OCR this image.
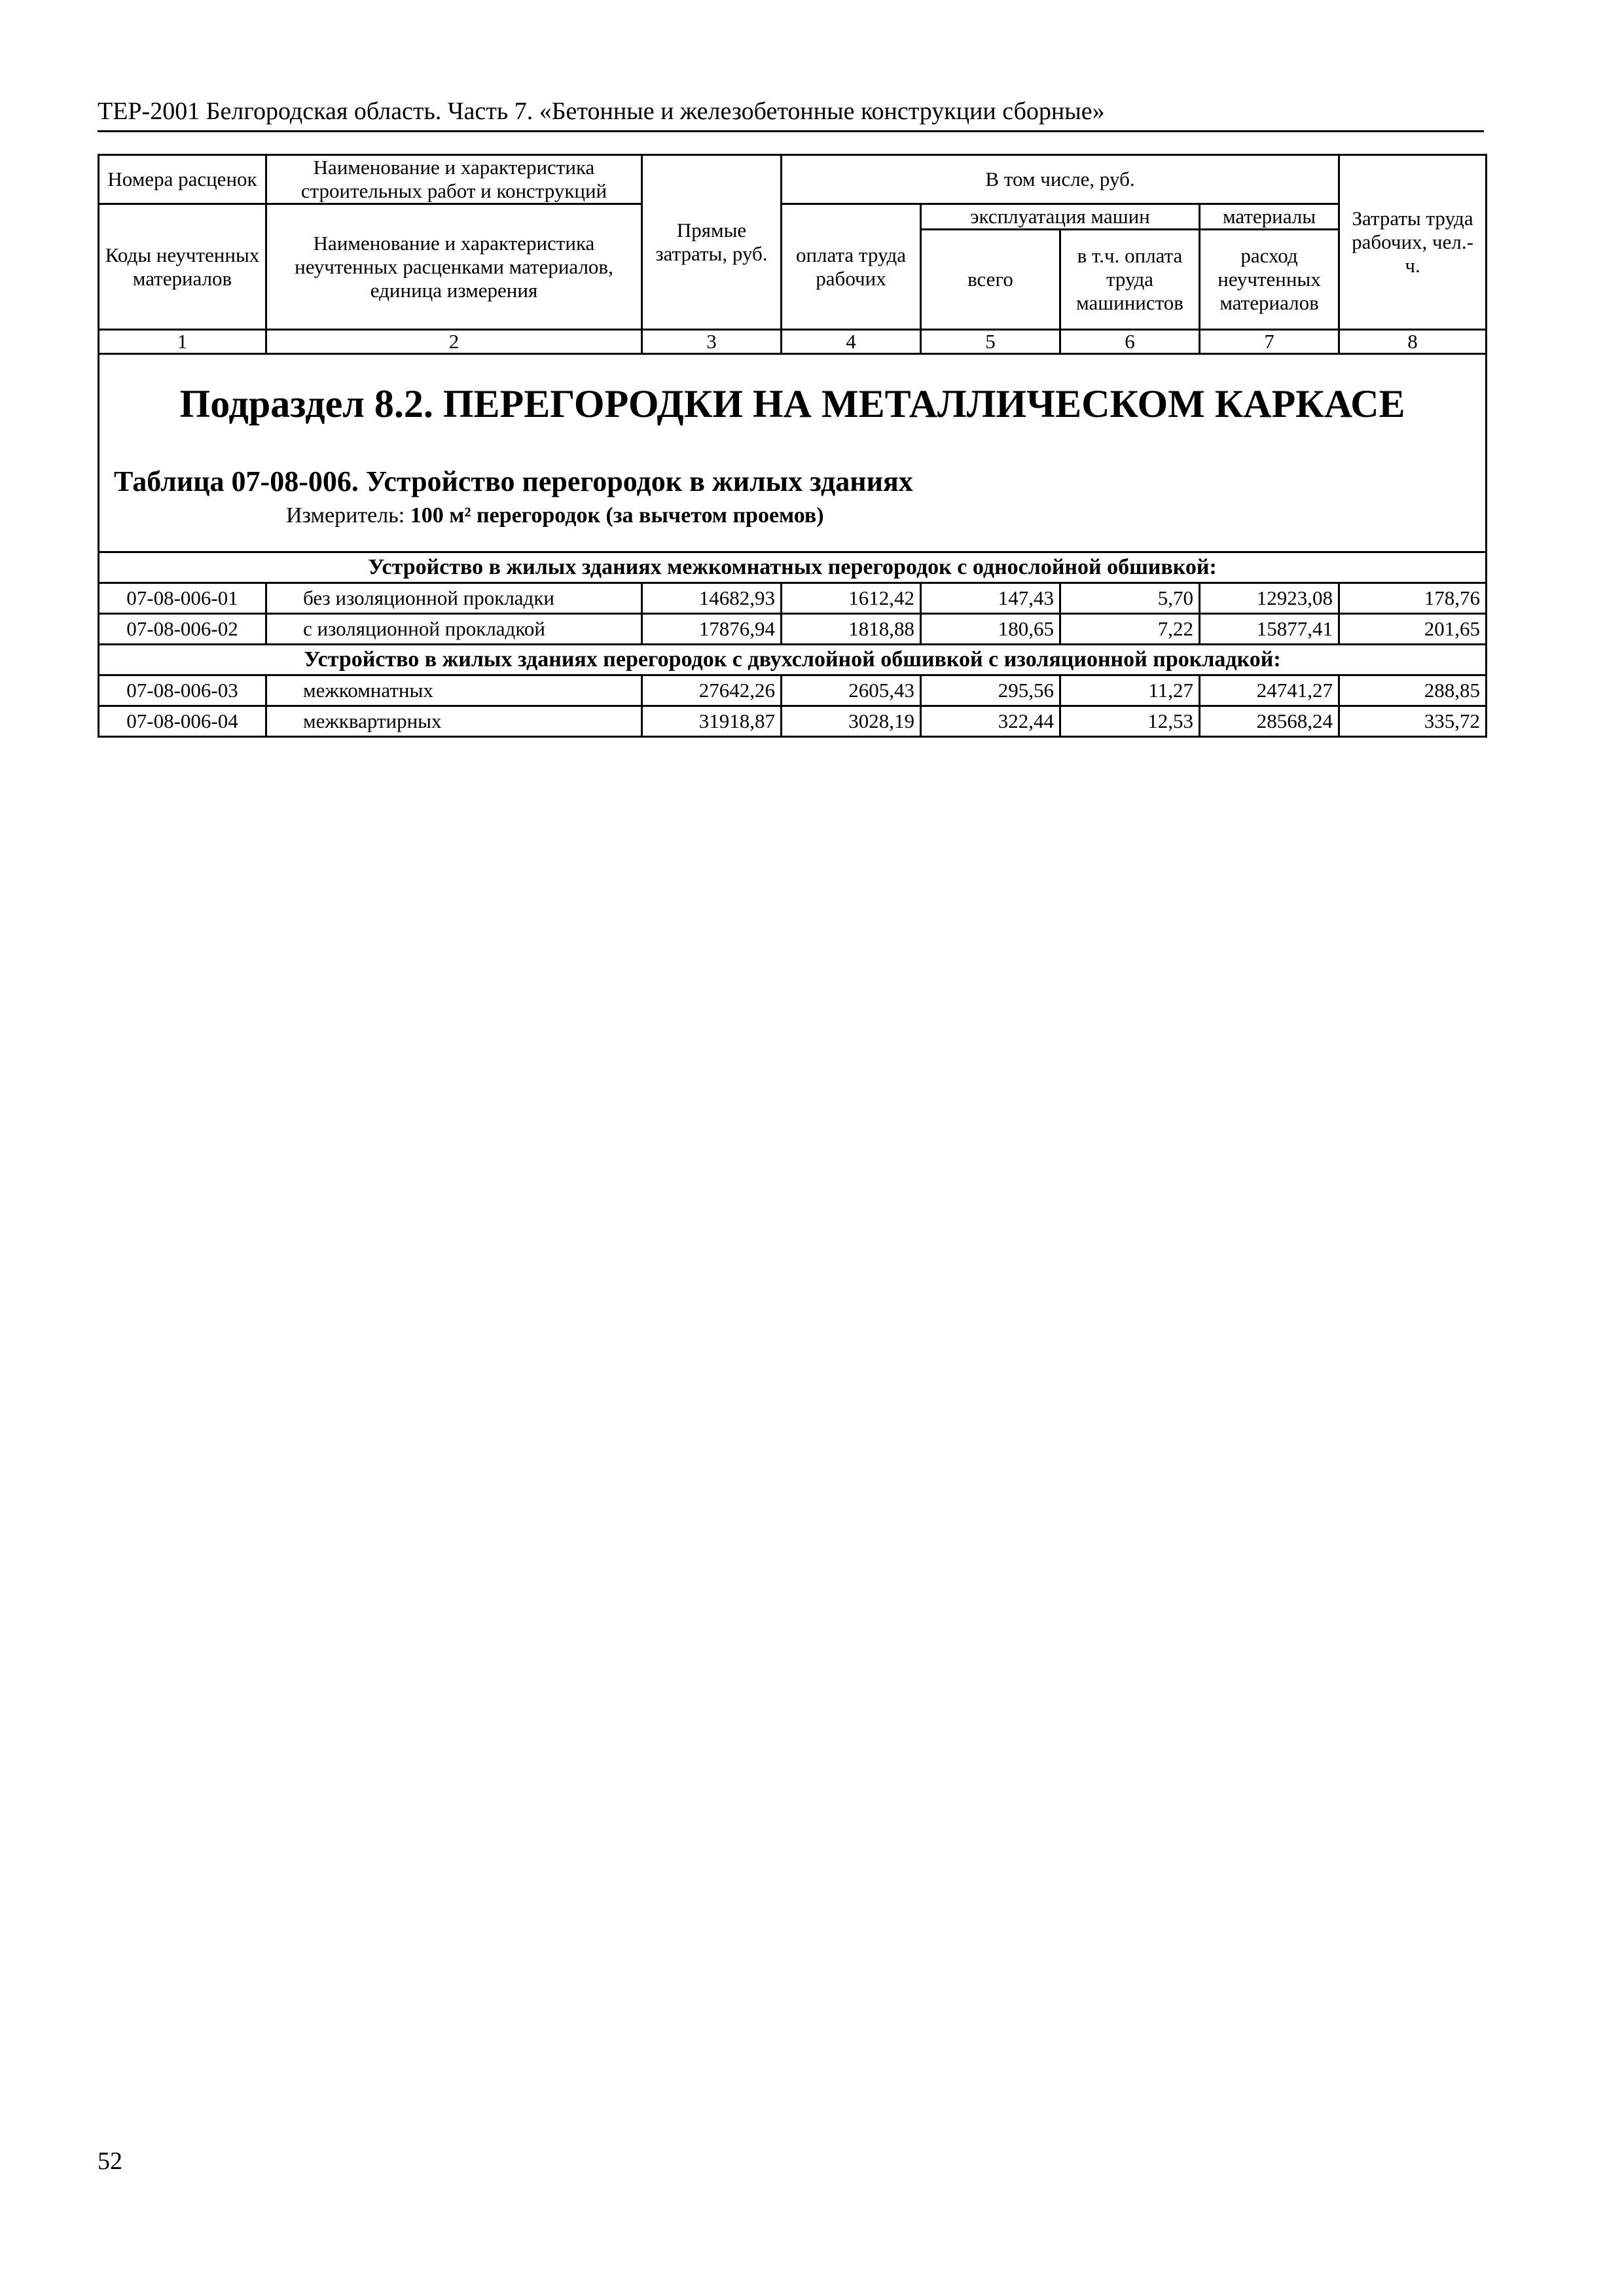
ТЕР-2001 Белгородская область. Часть 7. «Бетонные и железобетонные конструкции сборные»
Номера расценок	Наименование и характеристика строительных работ и конструкций	Прямые затраты, руб.	В том числе, руб.				Затраты труда рабочих, чел.-ч.
Коды неучтенных материалов	Наименование и характеристика неучтенных расценками материалов, единица измерения		оплата труда рабочих	эксплуатация машин		материалы	
				всего	в т.ч. оплата труда машинистов	расход неучтенных материалов	
1	2	3	4	5	6	7	8

Подраздел 8.2. ПЕРЕГОРОДКИ НА МЕТАЛЛИЧЕСКОМ КАРКАСЕ
Таблица 07-08-006. Устройство перегородок в жилых зданиях
Измеритель: 100 м² перегородок (за вычетом проемов)							

Устройство в жилых зданиях межкомнатных перегородок с однослойной обшивкой:							
07-08-006-01	без изоляционной прокладки	14682,93	1612,42	147,43	5,70	12923,08	178,76
07-08-006-02	с изоляционной прокладкой	17876,94	1818,88	180,65	7,22	15877,41	201,65
Устройство в жилых зданиях перегородок с двухслойной обшивкой с изоляционной прокладкой:							
07-08-006-03	межкомнатных	27642,26	2605,43	295,56	11,27	24741,27	288,85
07-08-006-04	межквартирных	31918,87	3028,19	322,44	12,53	28568,24	335,72
52
